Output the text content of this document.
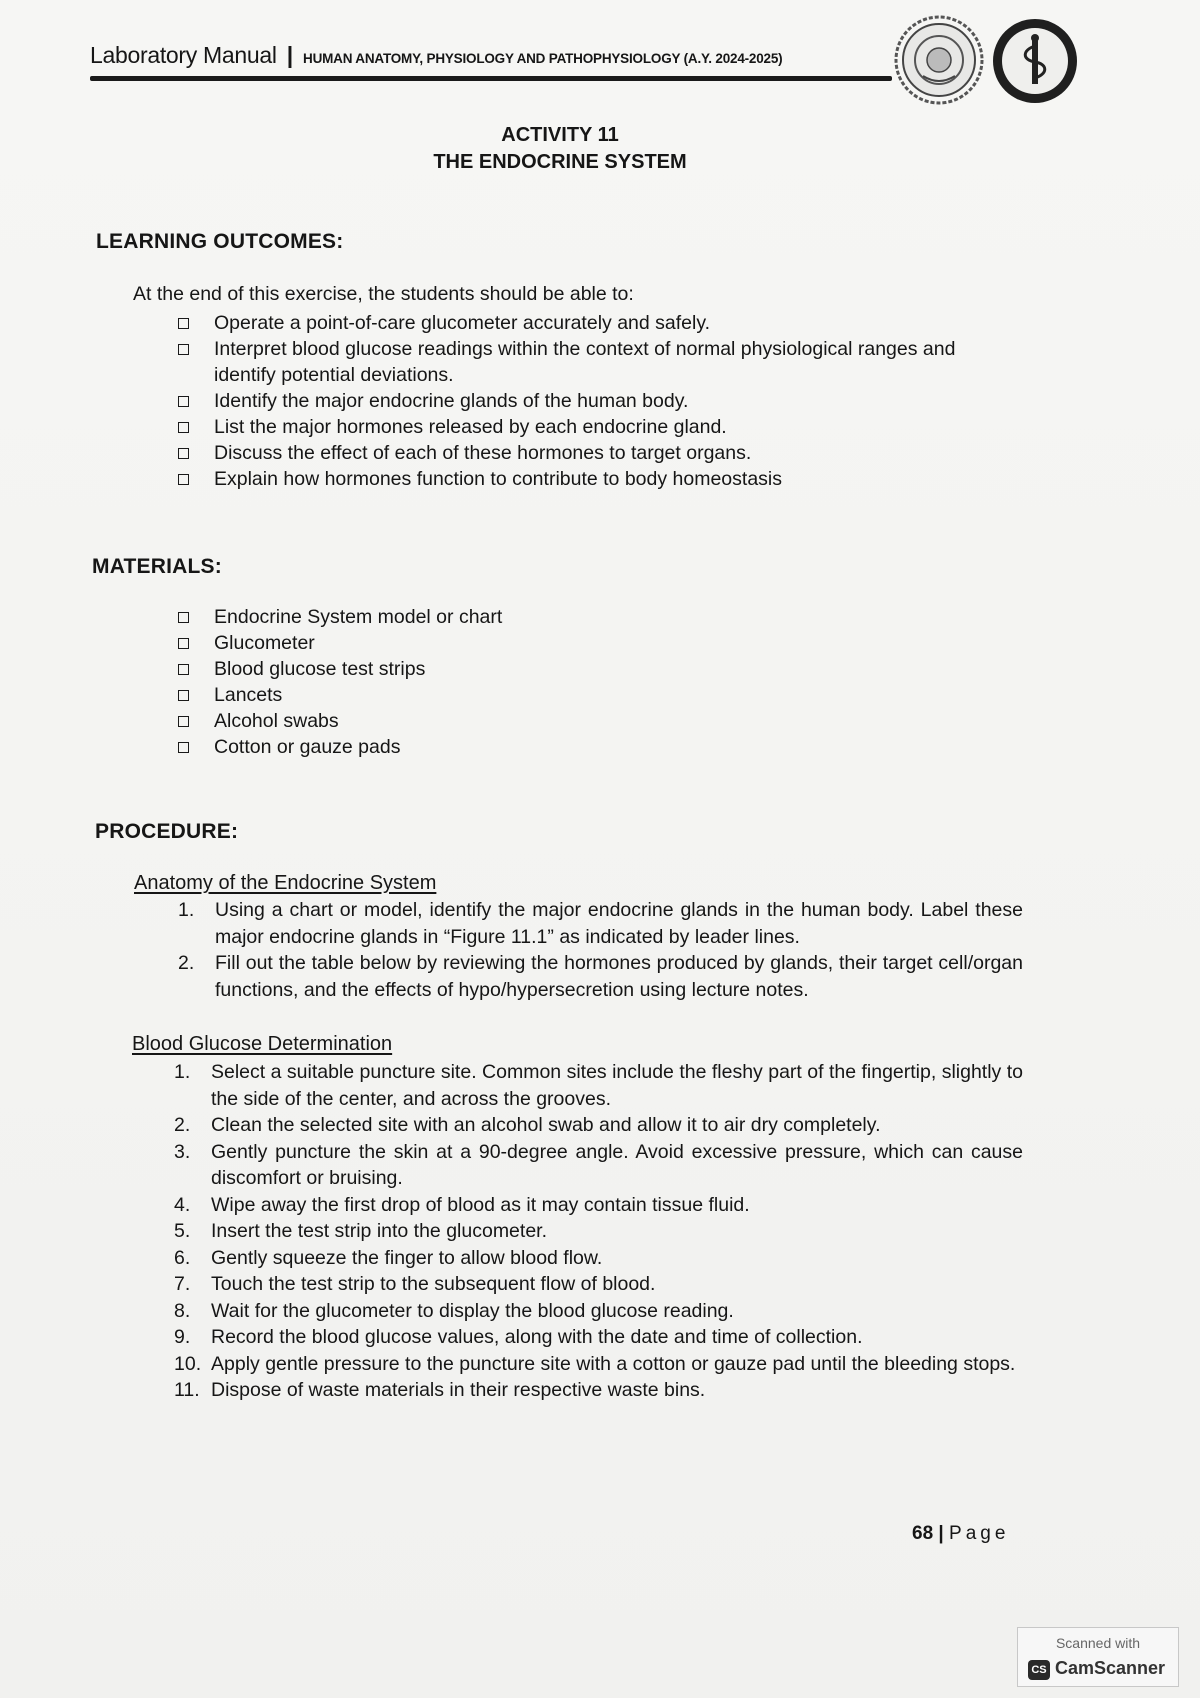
Laboratory Manual | HUMAN ANATOMY, PHYSIOLOGY AND PATHOPHYSIOLOGY (A.Y. 2024-2025)
ACTIVITY 11
THE ENDOCRINE SYSTEM
LEARNING OUTCOMES:
At the end of this exercise, the students should be able to:
Operate a point-of-care glucometer accurately and safely.
Interpret blood glucose readings within the context of normal physiological ranges and identify potential deviations.
Identify the major endocrine glands of the human body.
List the major hormones released by each endocrine gland.
Discuss the effect of each of these hormones to target organs.
Explain how hormones function to contribute to body homeostasis
MATERIALS:
Endocrine System model or chart
Glucometer
Blood glucose test strips
Lancets
Alcohol swabs
Cotton or gauze pads
PROCEDURE:
Anatomy of the Endocrine System
1. Using a chart or model, identify the major endocrine glands in the human body. Label these major endocrine glands in “Figure 11.1” as indicated by leader lines.
2. Fill out the table below by reviewing the hormones produced by glands, their target cell/organ functions, and the effects of hypo/hypersecretion using lecture notes.
Blood Glucose Determination
1. Select a suitable puncture site. Common sites include the fleshy part of the fingertip, slightly to the side of the center, and across the grooves.
2. Clean the selected site with an alcohol swab and allow it to air dry completely.
3. Gently puncture the skin at a 90-degree angle. Avoid excessive pressure, which can cause discomfort or bruising.
4. Wipe away the first drop of blood as it may contain tissue fluid.
5. Insert the test strip into the glucometer.
6. Gently squeeze the finger to allow blood flow.
7. Touch the test strip to the subsequent flow of blood.
8. Wait for the glucometer to display the blood glucose reading.
9. Record the blood glucose values, along with the date and time of collection.
10. Apply gentle pressure to the puncture site with a cotton or gauze pad until the bleeding stops.
11. Dispose of waste materials in their respective waste bins.
68 | Page
Scanned with
CS CamScanner
